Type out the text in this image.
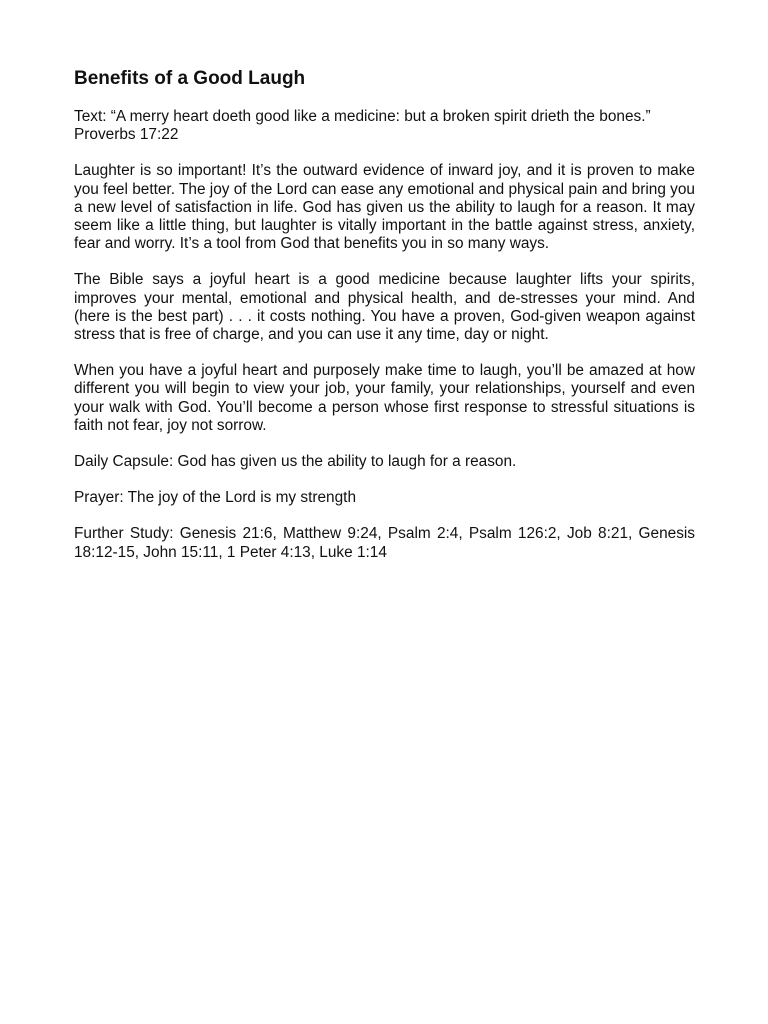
Benefits of a Good Laugh

Text: “A merry heart doeth good like a medicine: but a broken spirit drieth the bones.”
Proverbs 17:22

Laughter is so important! It’s the outward evidence of inward joy, and it is proven to make you feel better. The joy of the Lord can ease any emotional and physical pain and bring you a new level of satisfaction in life. God has given us the ability to laugh for a reason. It may seem like a little thing, but laughter is vitally important in the battle against stress, anxiety, fear and worry. It’s a tool from God that benefits you in so many ways.

The Bible says a joyful heart is a good medicine because laughter lifts your spirits, improves your mental, emotional and physical health, and de-stresses your mind. And (here is the best part) . . . it costs nothing. You have a proven, God-given weapon against stress that is free of charge, and you can use it any time, day or night.

When you have a joyful heart and purposely make time to laugh, you’ll be amazed at how different you will begin to view your job, your family, your relationships, yourself and even your walk with God. You’ll become a person whose first response to stressful situations is faith not fear, joy not sorrow.

Daily Capsule: God has given us the ability to laugh for a reason.

Prayer: The joy of the Lord is my strength

Further Study: Genesis 21:6, Matthew 9:24, Psalm 2:4, Psalm 126:2, Job 8:21, Genesis 18:12-15, John 15:11, 1 Peter 4:13, Luke 1:14
